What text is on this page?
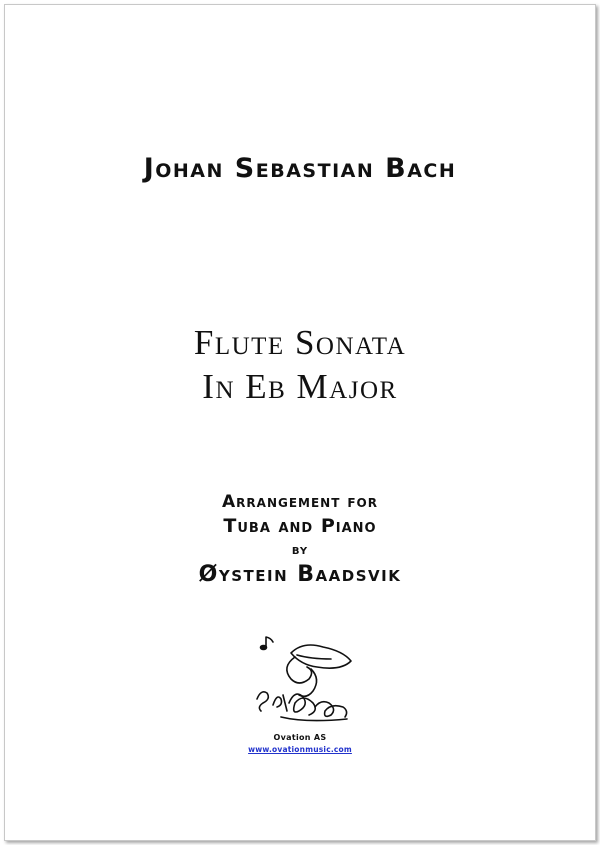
Johan Sebastian Bach
Flute Sonata
In Eb Major
Arrangement for
Tuba and Piano
by
Øystein Baadsvik
Ovation AS
www.ovationmusic.com
